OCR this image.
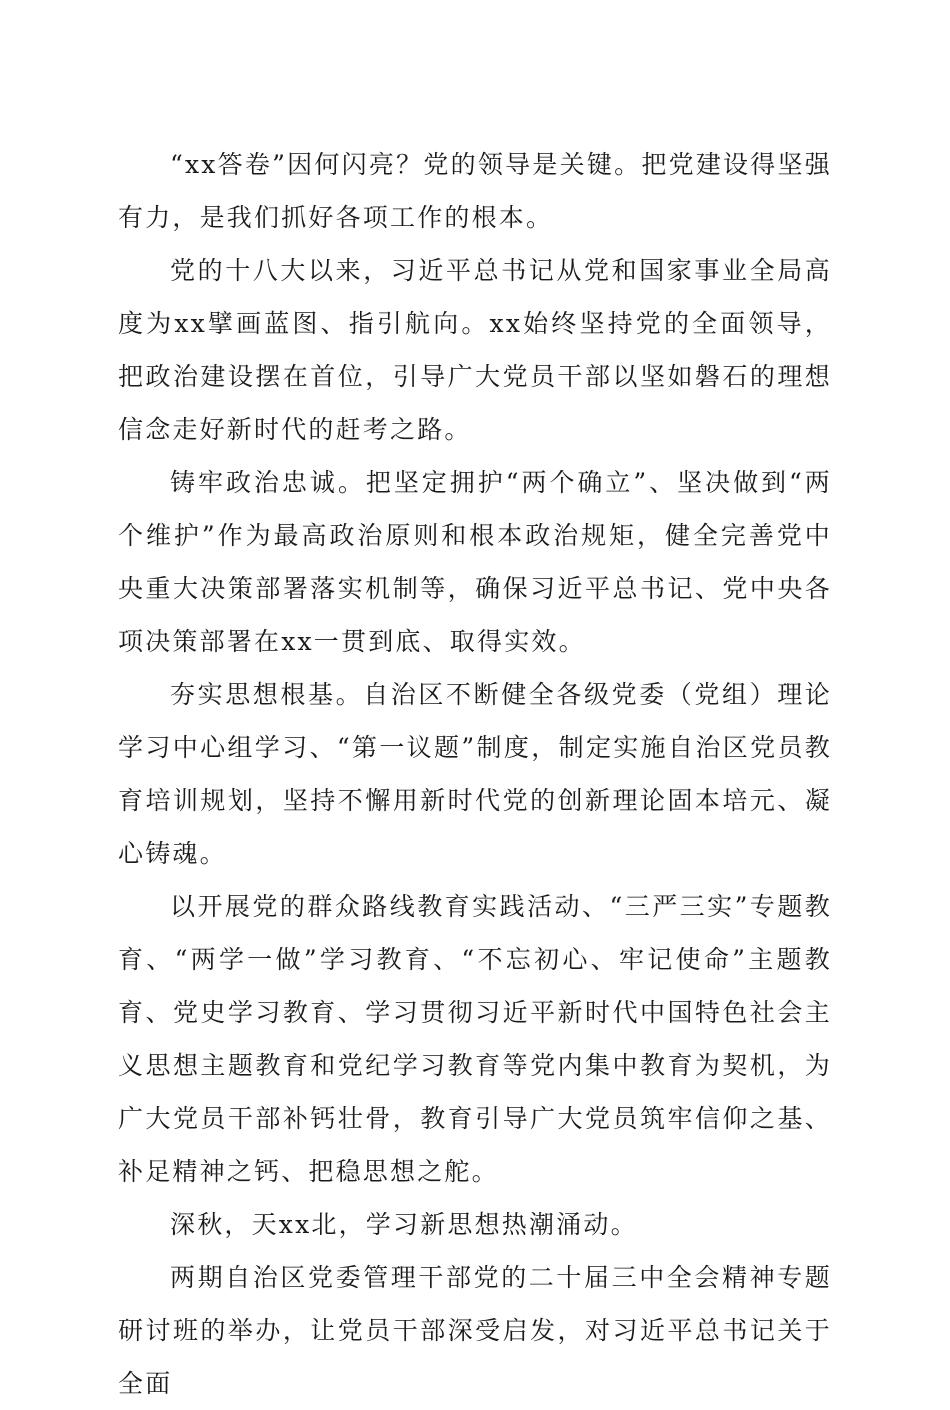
“xx答卷”因何闪亮？党的领导是关键。把党建设得坚强有力，是我们抓好各项工作的根本。

党的十八大以来，习近平总书记从党和国家事业全局高度为xx擘画蓝图、指引航向。xx始终坚持党的全面领导，把政治建设摆在首位，引导广大党员干部以坚如磐石的理想信念走好新时代的赶考之路。

铸牢政治忠诚。把坚定拥护“两个确立”、坚决做到“两个维护”作为最高政治原则和根本政治规矩，健全完善党中央重大决策部署落实机制等，确保习近平总书记、党中央各项决策部署在xx一贯到底、取得实效。

夯实思想根基。自治区不断健全各级党委（党组）理论学习中心组学习、“第一议题”制度，制定实施自治区党员教育培训规划，坚持不懈用新时代党的创新理论固本培元、凝心铸魂。

以开展党的群众路线教育实践活动、“三严三实”专题教育、“两学一做”学习教育、“不忘初心、牢记使命”主题教育、党史学习教育、学习贯彻习近平新时代中国特色社会主义思想主题教育和党纪学习教育等党内集中教育为契机，为广大党员干部补钙壮骨，教育引导广大党员筑牢信仰之基、补足精神之钙、把稳思想之舵。

深秋，天xx北，学习新思想热潮涌动。

两期自治区党委管理干部党的二十届三中全会精神专题研讨班的举办，让党员干部深受启发，对习近平总书记关于全面
